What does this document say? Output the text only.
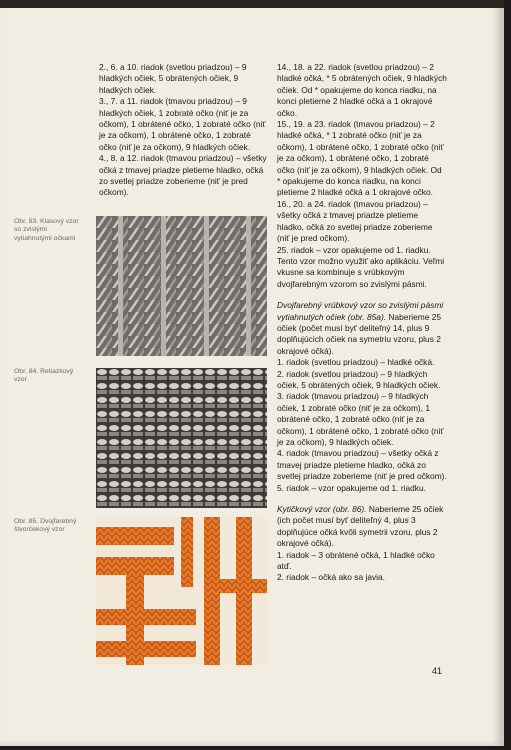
2., 6. a 10. riadok (svetlou priadzou) – 9 hladkých očiek, 5 obrátených očiek, 9 hladkých očiek.

3., 7. a 11. riadok (tmavou priadzou) – 9 hladkých očiek, 1 zobraté očko (niť je za očkom), 1 obrátené očko, 1 zobraté očko (niť je za očkom), 1 obrátené očko, 1 zobraté očko (niť je za očkom), 9 hladkých očiek.

4., 8. a 12. riadok (tmavou priadzou) – všetky očká z tmavej priadze pletieme hladko, očká zo svetlej priadze zoberieme (niť je pred očkom).

Obr. 83. Klasový vzor so zvislými vytiahnutými očkami
Obr. 84. Retiazkový vzor
Obr. 85. Dvojfarebný štvorčekový vzor

14., 18. a 22. riadok (svetlou priadzou) – 2 hladké očká, * 5 obrátených očiek, 9 hladkých očiek. Od * opakujeme do konca riadku, na konci pletieme 2 hladké očká a 1 okrajové očko.

15., 19. a 23. riadok (tmavou priadzou) – 2 hladké očká, * 1 zobraté očko (niť je za očkom), 1 obrátené očko, 1 zobraté očko (niť je za očkom), 1 obrátené očko, 1 zobraté očko (niť je za očkom), 9 hladkých očiek. Od * opakujeme do konca riadku, na konci pletieme 2 hladké očká a 1 okrajové očko.

16., 20. a 24. riadok (tmavou priadzou) – všetky očká z tmavej priadze pletieme hladko, očká zo svetlej priadze zoberieme (niť je pred očkom).

25. riadok – vzor opakujeme od 1. riadku.

Tento vzor možno využiť ako aplikáciu. Veľmi vkusne sa kombinuje s vrúbkovým dvojfarebným vzorom so zvislými pásmi.

Dvojfarebný vrúbkový vzor so zvislými pásmi vytiahnutých očiek (obr. 85a). Naberieme 25 očiek (počet musí byť deliteľný 14, plus 9 doplňujúcich očiek na symetriu vzoru, plus 2 okrajové očká).

1. riadok (svetlou priadzou) – hladké očká.

2. riadok (svetlou priadzou) – 9 hladkých očiek, 5 obrátených očiek, 9 hladkých očiek.

3. riadok (tmavou priadzou) – 9 hladkých očiek, 1 zobraté očko (niť je za očkom), 1 obrátené očko, 1 zobraté očko (niť je za očkom), 1 obrátené očko, 1 zobraté očko (niť je za očkom), 9 hladkých očiek.

4. riadok (tmavou priadzou) – všetky očká z tmavej priadze pletieme hladko, očká zo svetlej priadze zoberieme (niť je pred očkom).

5. riadok – vzor opakujeme od 1. riadku.

Kytičkový vzor (obr. 86). Naberieme 25 očiek (ich počet musí byť deliteľný 4, plus 3 doplňujúce očká kvôli symetrii vzoru, plus 2 okrajové očká).

1. riadok – 3 obrátené očká, 1 hladké očko atď.

2. riadok – očká ako sa javia.

41
